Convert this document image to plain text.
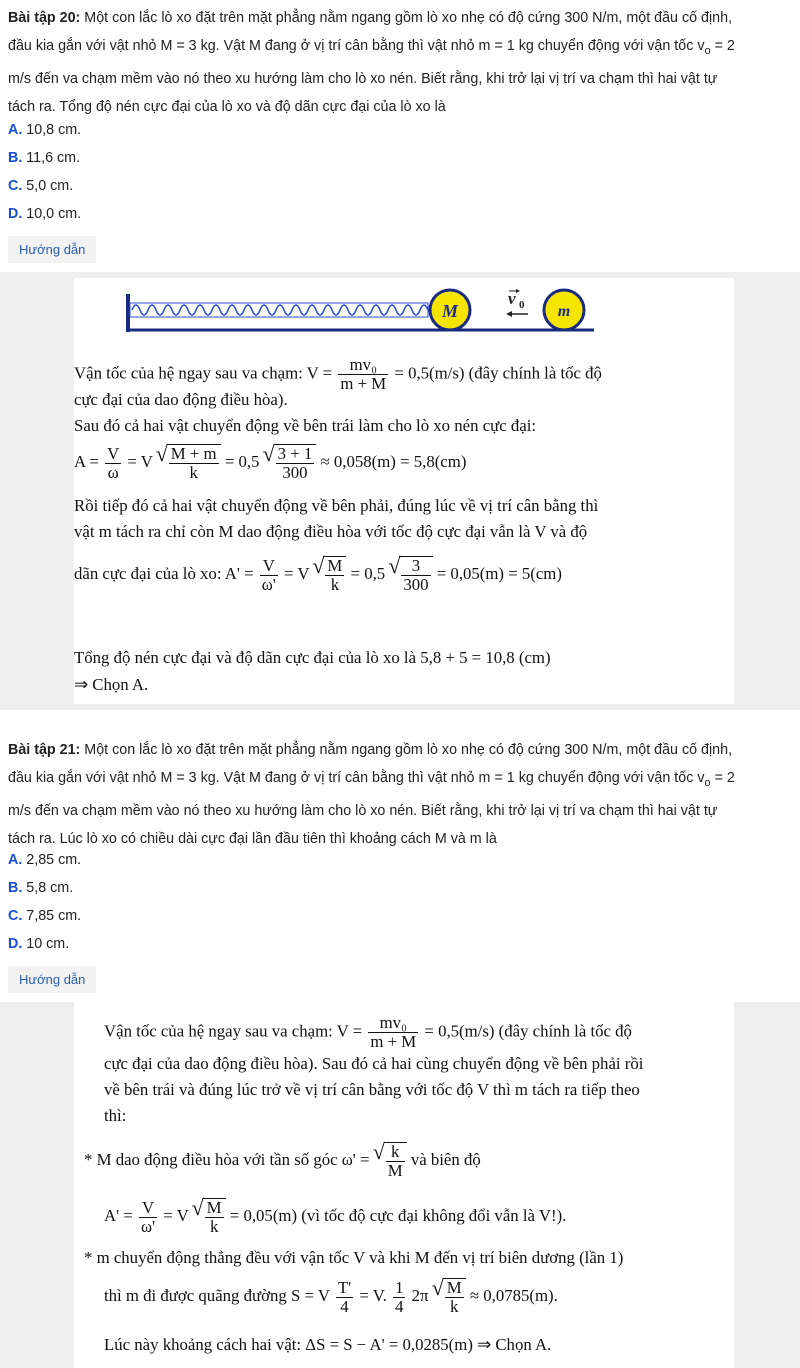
Bài tập 20: Một con lắc lò xo đặt trên mặt phẳng nằm ngang gồm lò xo nhẹ có độ cứng 300 N/m, một đầu cố định,
đầu kia gắn với vật nhỏ M = 3 kg. Vật M đang ở vị trí cân bằng thì vật nhỏ m = 1 kg chuyển động với vận tốc $v_o = 2$
m/s đến va chạm mềm vào nó theo xu hướng làm cho lò xo nén. Biết rằng, khi trở lại vị trí va chạm thì hai vật tự
tách ra. Tổng độ nén cực đại của lò xo và độ dãn cực đại của lò xo là
A. 10,8 cm.
B. 11,6 cm.
C. 5,0 cm.
D. 10,0 cm.
Hướng dẫn
M	m
v 0
Vận tốc của hệ ngay sau va chạm: $V = \frac{\text{mv₀}}{m + M} = 0,5(m/s)$ (đây chính là tốc độ
cực đại của dao động điều hòa).
Sau đó cả hai vật chuyển động về bên trái làm cho lò xo nén cực đại:
$A = \frac{V}{\omega} = V$ √ $\frac{M + m}{k} = 0,5$ √ $\frac{3 + 1}{300} \approx 0,058(m) = 5,8(cm)$
Rồi tiếp đó cả hai vật chuyển động về bên phải, đúng lúc về vị trí cân bằng thì
vật m tách ra chỉ còn M dao động điều hòa với tốc độ cực đại vẫn là V và độ
dãn cực đại của lò xo: $A' = \frac{V}{\omega'} = V$ √ $\frac{M}{k} = 0,5$ √ $\frac{3}{300} = 0,05(m) = 5(cm)$
Tổng độ nén cực đại và độ dãn cực đại của lò xo là 5,8 + 5 = 10,8 (cm)
⇒ Chọn A.
Bài tập 21: Một con lắc lò xo đặt trên mặt phẳng nằm ngang gồm lò xo nhẹ có độ cứng 300 N/m, một đầu cố định,
đầu kia gắn với vật nhỏ M = 3 kg. Vật M đang ở vị trí cân bằng thì vật nhỏ m = 1 kg chuyển động với vận tốc $v_o = 2$
m/s đến va chạm mềm vào nó theo xu hướng làm cho lò xo nén. Biết rằng, khi trở lại vị trí va chạm thì hai vật tự
tách ra. Lúc lò xo có chiều dài cực đại lần đầu tiên thì khoảng cách M và m là
A. 2,85 cm.
B. 5,8 cm.
C. 7,85 cm.
D. 10 cm.
Hướng dẫn
Vận tốc của hệ ngay sau va chạm: $V = \frac{\text{mv₀}}{m + M} = 0,5(m/s)$ (đây chính là tốc độ
cực đại của dao động điều hòa). Sau đó cả hai cùng chuyển động về bên phải rồi
về bên trái và đúng lúc trở về vị trí cân bằng với tốc độ V thì m tách ra tiếp theo
thì:
* M dao động điều hòa với tần số góc ω' = √ $\frac{k}{M}$ và biên độ
$A' = \frac{V}{\omega'} = V$ √ $\frac{M}{k} = 0,05(m)$ (vì tốc độ cực đại không đổi vẫn là V!).
* m chuyển động thẳng đều với vận tốc V và khi M đến vị trí biên dương (lần 1)
thì m đi được quãng đường S = V $\frac{T'}{4} = V$. $\frac{1}{4} 2\pi$ √ $\frac{M}{k} \approx 0,0785(m)$.
Lúc này khoảng cách hai vật: ΔS = S − A' = 0,0285(m) ⇒ Chọn A.
